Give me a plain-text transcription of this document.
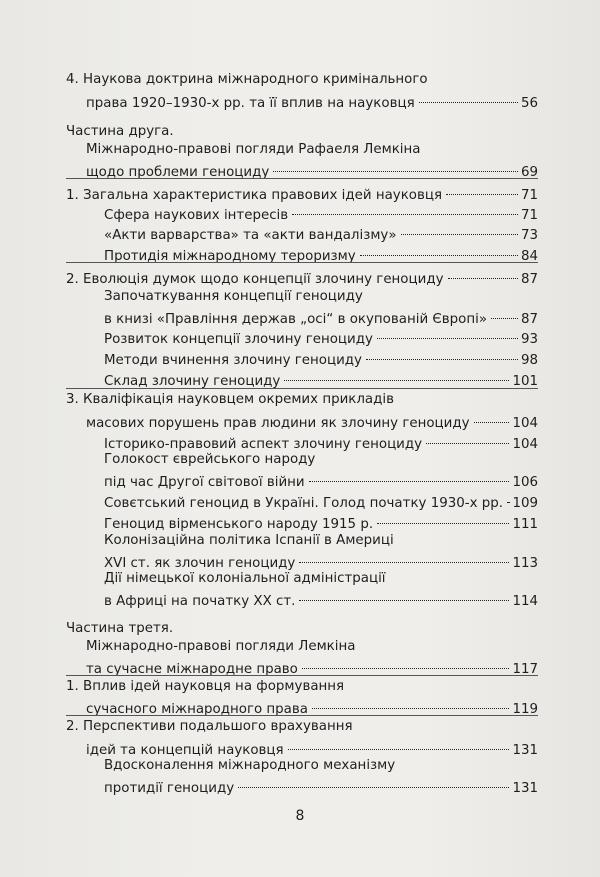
4. Наукова доктрина міжнародного кримінального
права 1920–1930-х рр. та її вплив на науковця	56
Частина друга.
Міжнародно-правові погляди Рафаеля Лемкіна
щодо проблеми геноциду	69
1. Загальна характеристика правових ідей науковця	71
Сфера наукових інтересів	71
«Акти варварства» та «акти вандалізму»	73
Протидія міжнародному тероризму	84
2. Еволюція думок щодо концепції злочину геноциду	87
Започаткування концепції геноциду
в книзі «Правління держав „осі“ в окупованій Європі»	87
Розвиток концепції злочину геноциду	93
Методи вчинення злочину геноциду	98
Склад злочину геноциду	101
3. Кваліфікація науковцем окремих прикладів
масових порушень прав людини як злочину геноциду	104
Історико-правовий аспект злочину геноциду	104
Голокост єврейського народу
під час Другої світової війни	106
Совєтський геноцид в Україні. Голод початку 1930-х рр. 109
Геноцид вірменського народу 1915 р.	111
Колонізаційна політика Іспанії в Америці
XVI ст. як злочин геноциду	113
Дії німецької колоніальної адміністрації
в Африці на початку XX ст.	114
Частина третя.
Міжнародно-правові погляди Лемкіна
та сучасне міжнародне право	117
1. Вплив ідей науковця на формування
сучасного міжнародного права	119
2. Перспективи подальшого врахування
ідей та концепцій науковця	131
Вдосконалення міжнародного механізму
протидії геноциду	131
8
